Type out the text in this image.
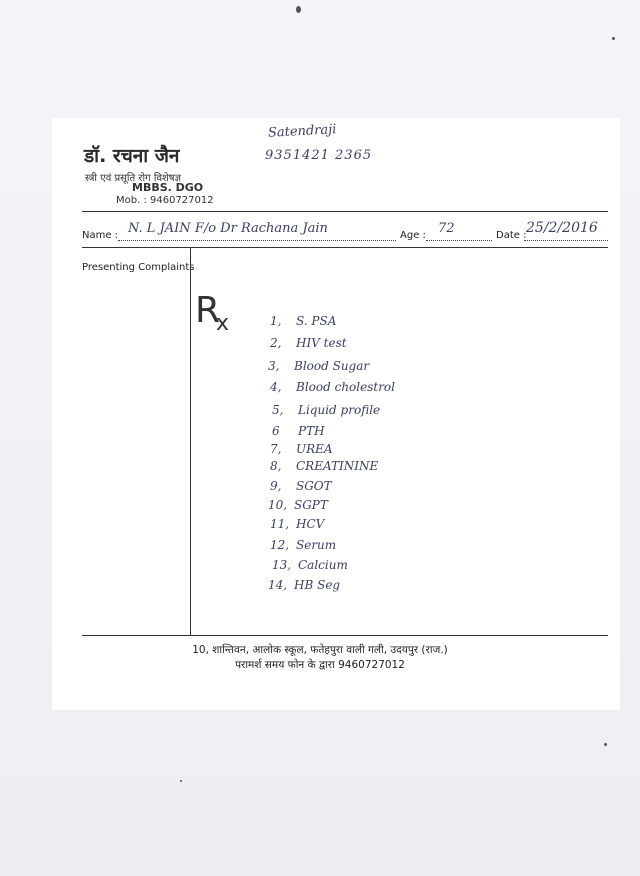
डॉ. रचना जैन
स्त्री एवं प्रसूति रोग विशेषज्ञ
MBBS. DGO
Mob. : 9460727012
Satendraji
9351421 2365
Name : N. L JAIN F/o Dr Rachana Jain	Age : 72	Date : 25/2/2016
Presenting Complaints
$R_x$	1, S. PSA
2, HIV test
3, Blood Sugar
4, Blood cholestrol
5, Liquid profile
6 PTH
7, UREA
8, CREATININE
9, SGOT
10, SGPT
11, HCV
12, Serum
13, Calcium
14, HB Seg
10, शान्तिवन, आलोक स्कूल, फतेहपुरा वाली गली, उदयपुर (राज.)
परामर्श समय फोन के द्वारा 9460727012
